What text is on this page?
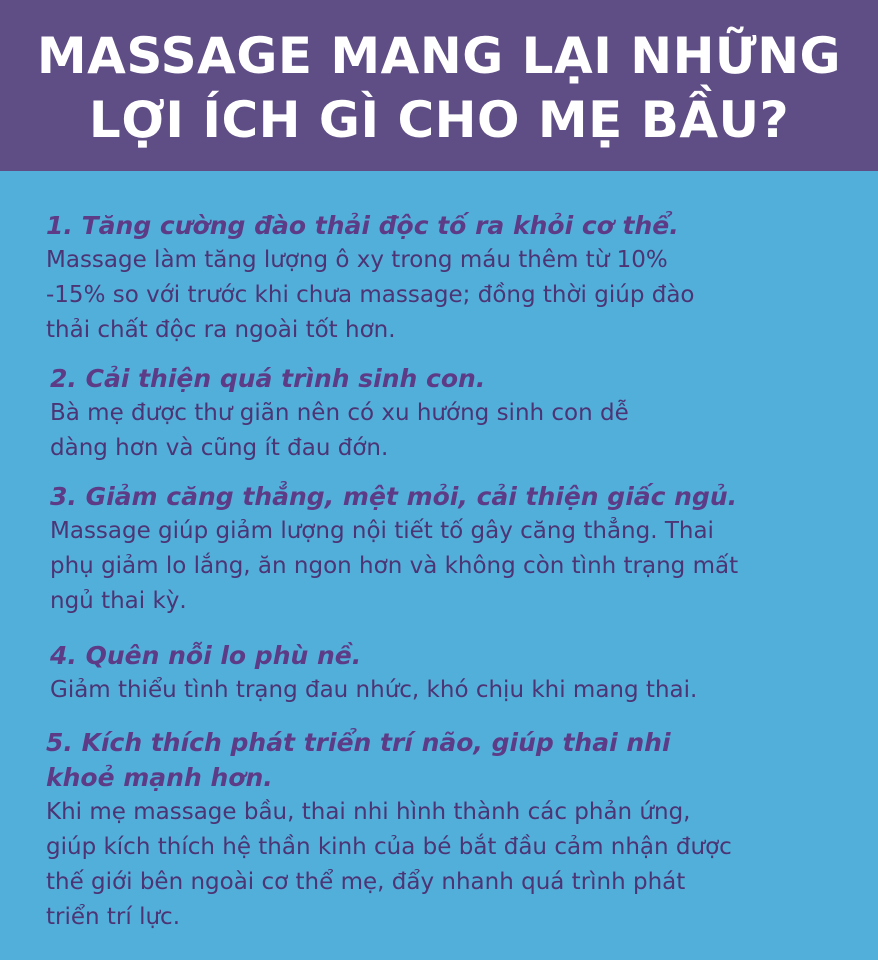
MASSAGE MANG LẠI NHỮNG
LỢI ÍCH GÌ CHO MẸ BẦU?
1. Tăng cường đào thải độc tố ra khỏi cơ thể.
Massage làm tăng lượng ô xy trong máu thêm từ 10%
-15% so với trước khi chưa massage; đồng thời giúp đào
thải chất độc ra ngoài tốt hơn.
2. Cải thiện quá trình sinh con.
Bà mẹ được thư giãn nên có xu hướng sinh con dễ
dàng hơn và cũng ít đau đớn.
3. Giảm căng thẳng, mệt mỏi, cải thiện giấc ngủ.
Massage giúp giảm lượng nội tiết tố gây căng thẳng. Thai
phụ giảm lo lắng, ăn ngon hơn và không còn tình trạng mất
ngủ thai kỳ.
4. Quên nỗi lo phù nề.
Giảm thiểu tình trạng đau nhức, khó chịu khi mang thai.
5. Kích thích phát triển trí não, giúp thai nhi
khoẻ mạnh hơn.
Khi mẹ massage bầu, thai nhi hình thành các phản ứng,
giúp kích thích hệ thần kinh của bé bắt đầu cảm nhận được
thế giới bên ngoài cơ thể mẹ, đẩy nhanh quá trình phát
triển trí lực.
